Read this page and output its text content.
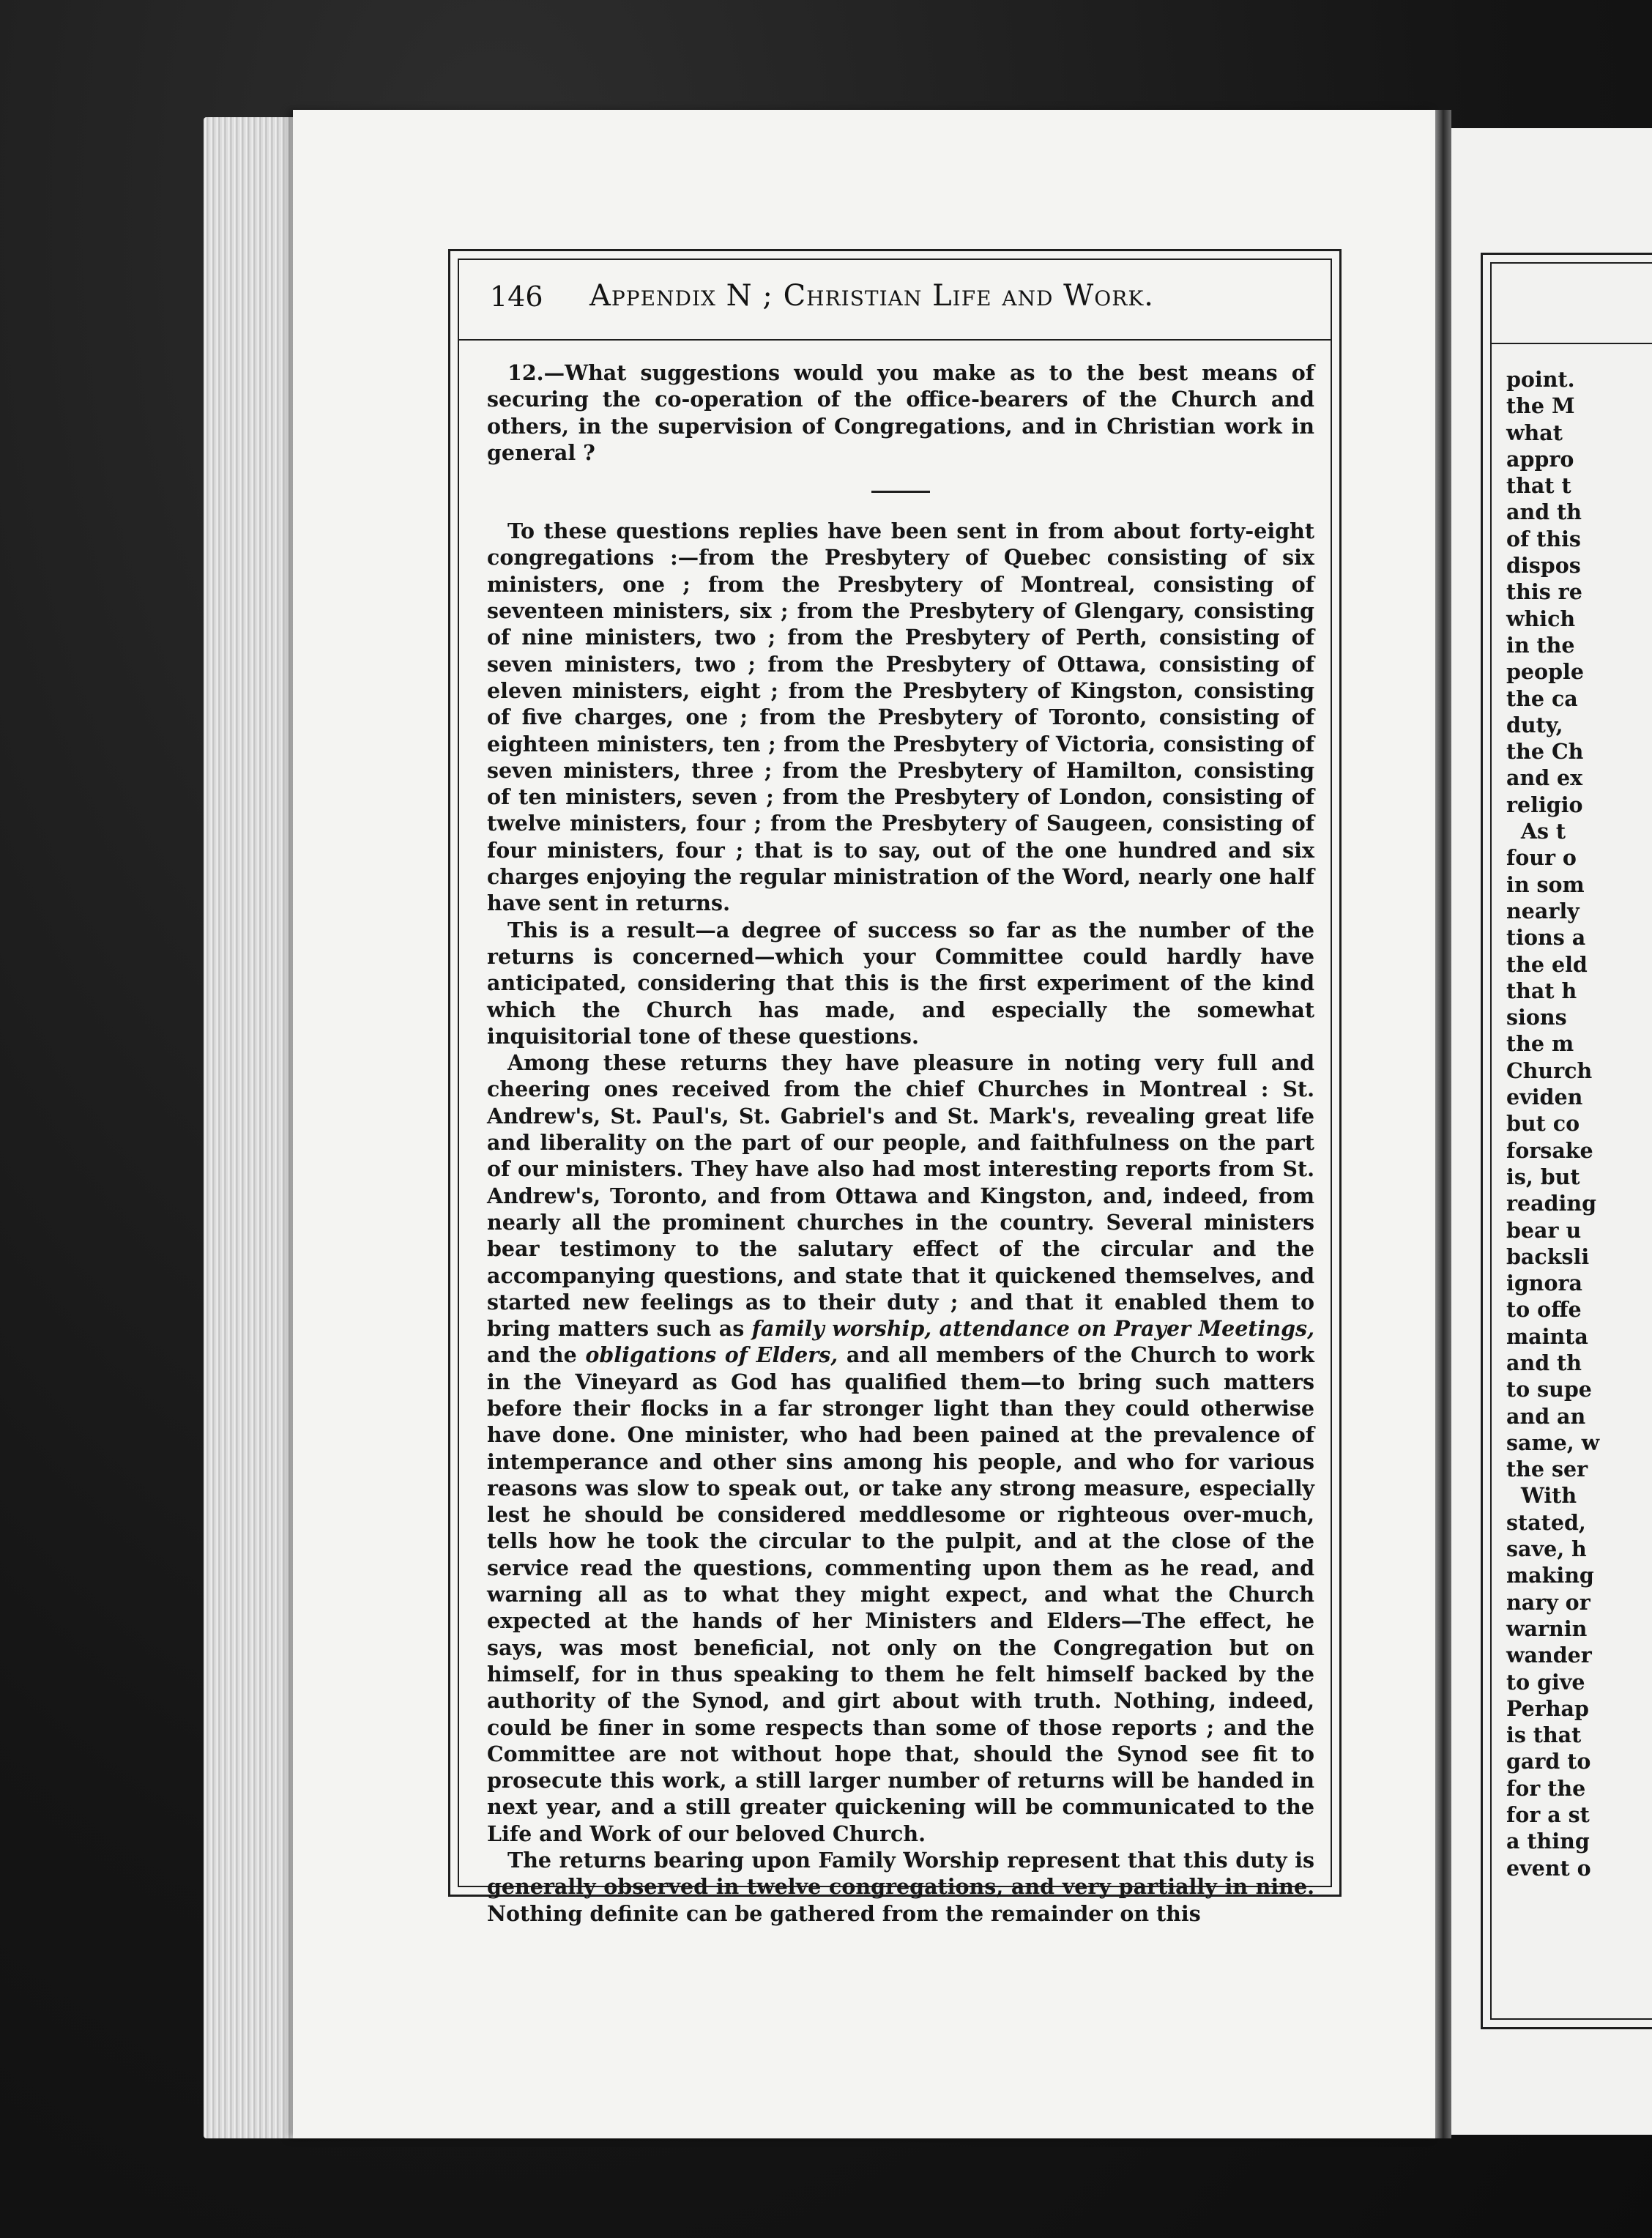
point.
the M
what
appro
that t
and th
of this
dispos
this re
which
in the
people
the ca
duty,
the Ch
and ex
religio
As t
four o
in som
nearly
tions a
the eld
that h
sions
the m
Church
eviden
but co
forsake
is, but
reading
bear u
backsli
ignora
to offe
mainta
and th
to supe
and an
same, w
the ser
With
stated,
save, h
making
nary or
warnin
wander
to give
Perhap
is that
gard to
for the
for a st
a thing
event o
146 Appendix N ; Christian Life and Work.

12.—What suggestions would you make as to the best means of securing the co-operation of the office-bearers of the Church and others, in the supervision of Congregations, and in Christian work in general ?

To these questions replies have been sent in from about forty-eight congregations :—from the Presbytery of Quebec consisting of six ministers, one ; from the Presbytery of Montreal, consisting of seventeen ministers, six ; from the Presbytery of Glengary, consisting of nine ministers, two ; from the Presbytery of Perth, consisting of seven ministers, two ; from the Presbytery of Ottawa, consisting of eleven ministers, eight ; from the Presbytery of Kingston, consisting of five charges, one ; from the Presbytery of Toronto, consisting of eighteen ministers, ten ; from the Presbytery of Victoria, consisting of seven ministers, three ; from the Presbytery of Hamilton, consisting of ten ministers, seven ; from the Presbytery of London, consisting of twelve ministers, four ; from the Presbytery of Saugeen, consisting of four ministers, four ; that is to say, out of the one hundred and six charges enjoying the regular ministration of the Word, nearly one half have sent in returns.

This is a result—a degree of success so far as the number of the returns is concerned—which your Committee could hardly have anticipated, considering that this is the first experiment of the kind which the Church has made, and especially the somewhat inquisitorial tone of these questions.

Among these returns they have pleasure in noting very full and cheering ones received from the chief Churches in Montreal : St. Andrew's, St. Paul's, St. Gabriel's and St. Mark's, revealing great life and liberality on the part of our people, and faithfulness on the part of our ministers. They have also had most interesting reports from St. Andrew's, Toronto, and from Ottawa and Kingston, and, indeed, from nearly all the prominent churches in the country. Several ministers bear testimony to the salutary effect of the circular and the accompanying questions, and state that it quickened themselves, and started new feelings as to their duty ; and that it enabled them to bring matters such as family worship, attendance on Prayer Meetings, and the obligations of Elders, and all members of the Church to work in the Vineyard as God has qualified them—to bring such matters before their flocks in a far stronger light than they could otherwise have done. One minister, who had been pained at the prevalence of intemperance and other sins among his people, and who for various reasons was slow to speak out, or take any strong measure, especially lest he should be considered meddlesome or righteous over-much, tells how he took the circular to the pulpit, and at the close of the service read the questions, commenting upon them as he read, and warning all as to what they might expect, and what the Church expected at the hands of her Ministers and Elders—The effect, he says, was most beneficial, not only on the Congregation but on himself, for in thus speaking to them he felt himself backed by the authority of the Synod, and girt about with truth. Nothing, indeed, could be finer in some respects than some of those reports ; and the Committee are not without hope that, should the Synod see fit to prosecute this work, a still larger number of returns will be handed in next year, and a still greater quickening will be communicated to the Life and Work of our beloved Church.

The returns bearing upon Family Worship represent that this duty is generally observed in twelve congregations, and very partially in nine. Nothing definite can be gathered from the remainder on this
